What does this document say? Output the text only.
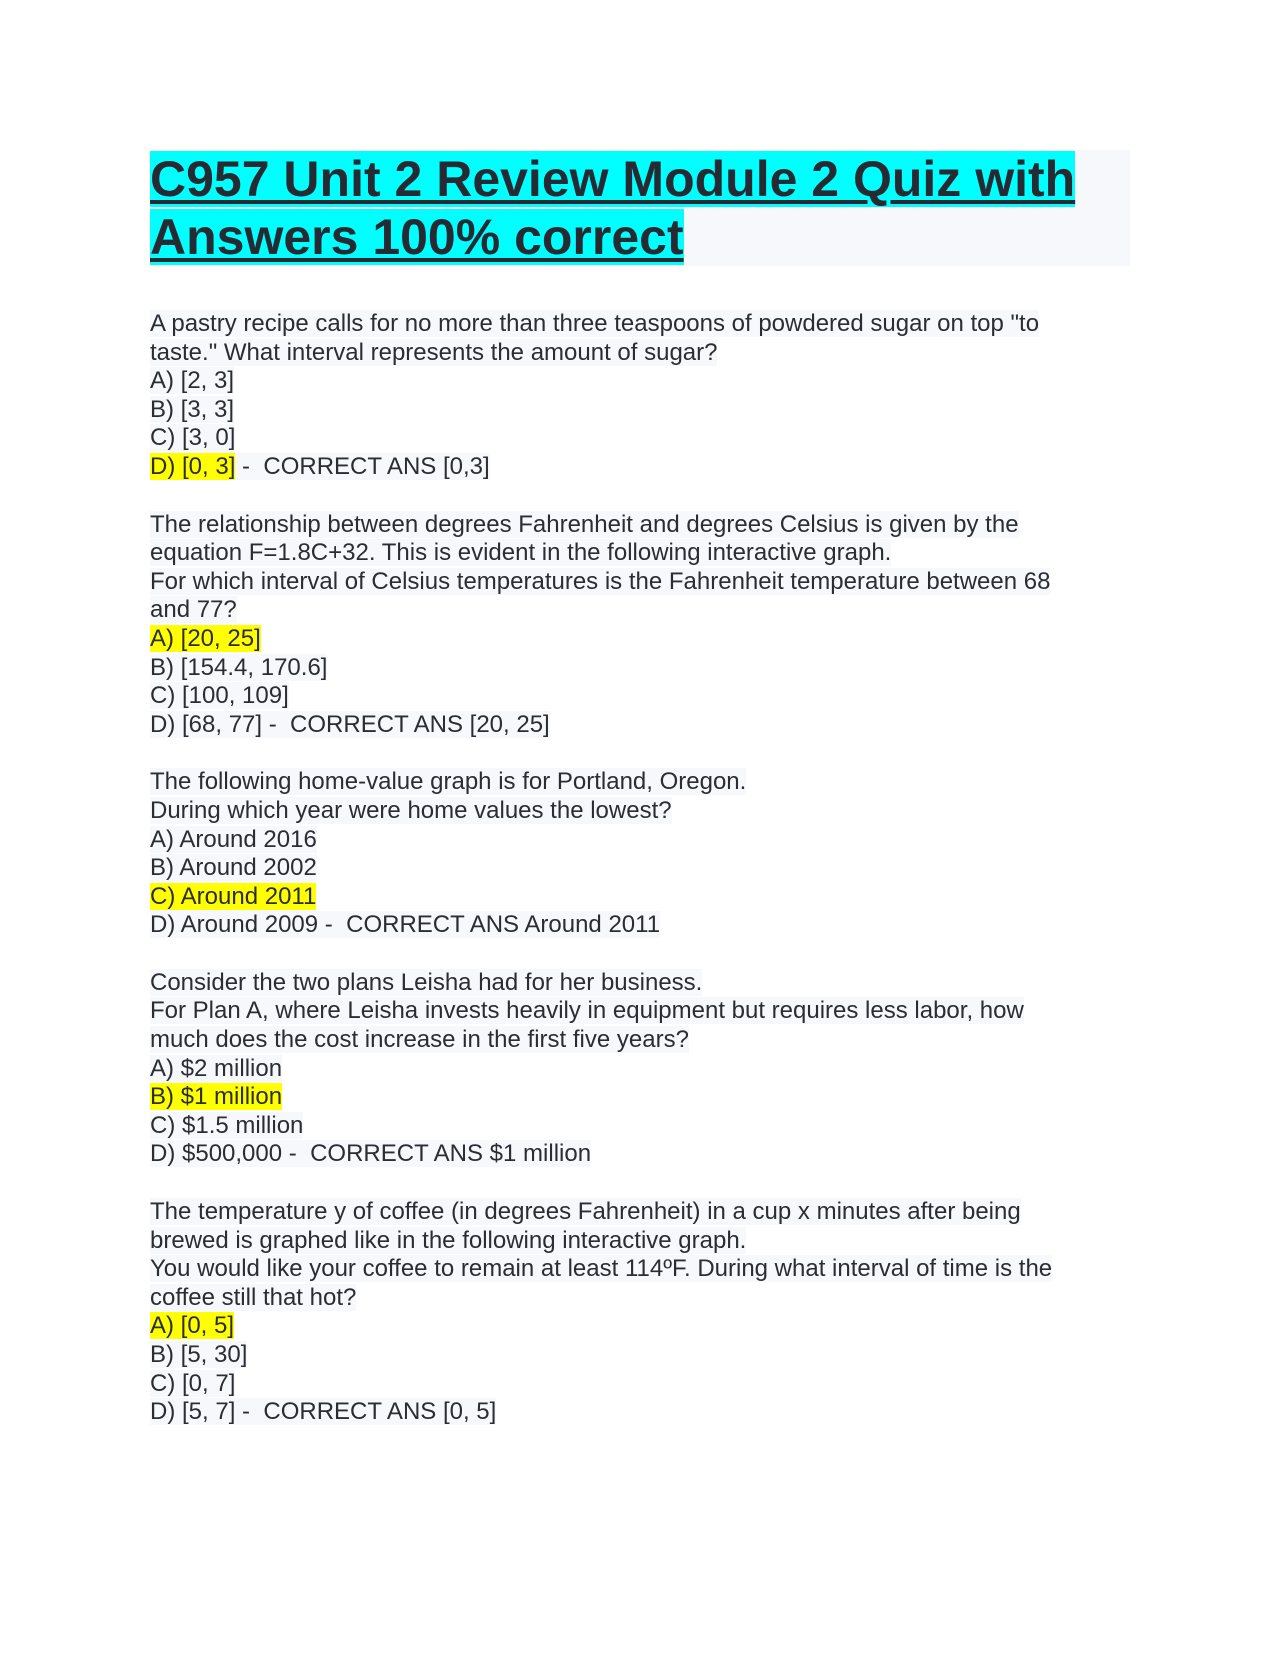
C957 Unit 2 Review Module 2 Quiz with
Answers 100% correct
A pastry recipe calls for no more than three teaspoons of powdered sugar on top "to
taste." What interval represents the amount of sugar?
A) [2, 3]
B) [3, 3]
C) [3, 0]
D) [0, 3] -  CORRECT ANS [0,3]
The relationship between degrees Fahrenheit and degrees Celsius is given by the
equation F=1.8C+32. This is evident in the following interactive graph.
For which interval of Celsius temperatures is the Fahrenheit temperature between 68
and 77?
A) [20, 25]
B) [154.4, 170.6]
C) [100, 109]
D) [68, 77] -  CORRECT ANS [20, 25]
The following home-value graph is for Portland, Oregon.
During which year were home values the lowest?
A) Around 2016
B) Around 2002
C) Around 2011
D) Around 2009 -  CORRECT ANS Around 2011
Consider the two plans Leisha had for her business.
For Plan A, where Leisha invests heavily in equipment but requires less labor, how
much does the cost increase in the first five years?
A) $2 million
B) $1 million
C) $1.5 million
D) $500,000 -  CORRECT ANS $1 million
The temperature y of coffee (in degrees Fahrenheit) in a cup x minutes after being
brewed is graphed like in the following interactive graph.
You would like your coffee to remain at least 114ºF. During what interval of time is the
coffee still that hot?
A) [0, 5]
B) [5, 30]
C) [0, 7]
D) [5, 7] -  CORRECT ANS [0, 5]
